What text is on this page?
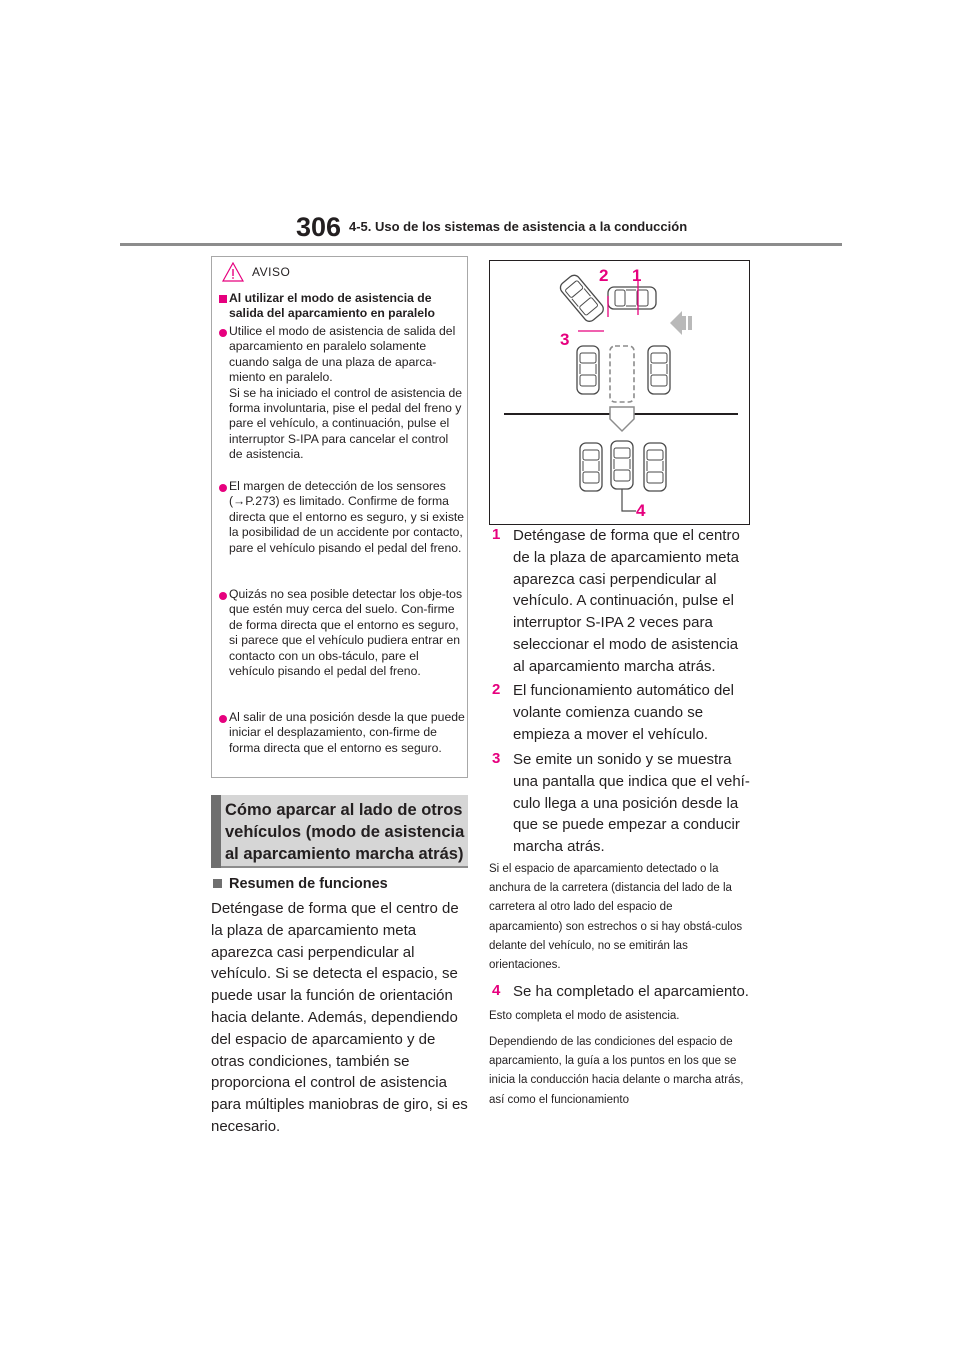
306 4-5. Uso de los sistemas de asistencia a la conducción
AVISO
Al utilizar el modo de asistencia de salida del aparcamiento en paralelo
Utilice el modo de asistencia de salida del aparcamiento en paralelo solamente cuando salga de una plaza de aparca-miento en paralelo.
Si se ha iniciado el control de asistencia de forma involuntaria, pise el pedal del freno y pare el vehículo, a continuación, pulse el interruptor S-IPA para cancelar el control de asistencia.
El margen de detección de los sensores (→P.273) es limitado. Confirme de forma directa que el entorno es seguro, y si existe la posibilidad de un accidente por contacto, pare el vehículo pisando el pedal del freno.
Quizás no sea posible detectar los obje-tos que estén muy cerca del suelo. Con-firme de forma directa que el entorno es seguro, si parece que el vehículo pudiera entrar en contacto con un obs-táculo, pare el vehículo pisando el pedal del freno.
Al salir de una posición desde la que puede iniciar el desplazamiento, con-firme de forma directa que el entorno es seguro.
Cómo aparcar al lado de otros vehículos (modo de asistencia al aparcamiento marcha atrás)
Resumen de funciones
Deténgase de forma que el centro de la plaza de aparcamiento meta aparezca casi perpendicular al vehículo. Si se detecta el espacio, se puede usar la función de orientación hacia delante. Además, dependiendo del espacio de aparcamiento y de otras condiciones, también se proporciona el control de asistencia para múltiples maniobras de giro, si es necesario.
2 1
3
4
1 Deténgase de forma que el centro de la plaza de aparcamiento meta aparezca casi perpendicular al vehículo. A continuación, pulse el interruptor S-IPA 2 veces para seleccionar el modo de asistencia al aparcamiento marcha atrás.
2 El funcionamiento automático del volante comienza cuando se empieza a mover el vehículo.
3 Se emite un sonido y se muestra una pantalla que indica que el vehí-culo llega a una posición desde la que se puede empezar a conducir marcha atrás.
Si el espacio de aparcamiento detectado o la anchura de la carretera (distancia del lado de la carretera al otro lado del espacio de aparcamiento) son estrechos o si hay obstá-culos delante del vehículo, no se emitirán las orientaciones.
4 Se ha completado el aparcamiento.
Esto completa el modo de asistencia.
Dependiendo de las condiciones del espacio de aparcamiento, la guía a los puntos en los que se inicia la conducción hacia delante o marcha atrás, así como el funcionamiento
